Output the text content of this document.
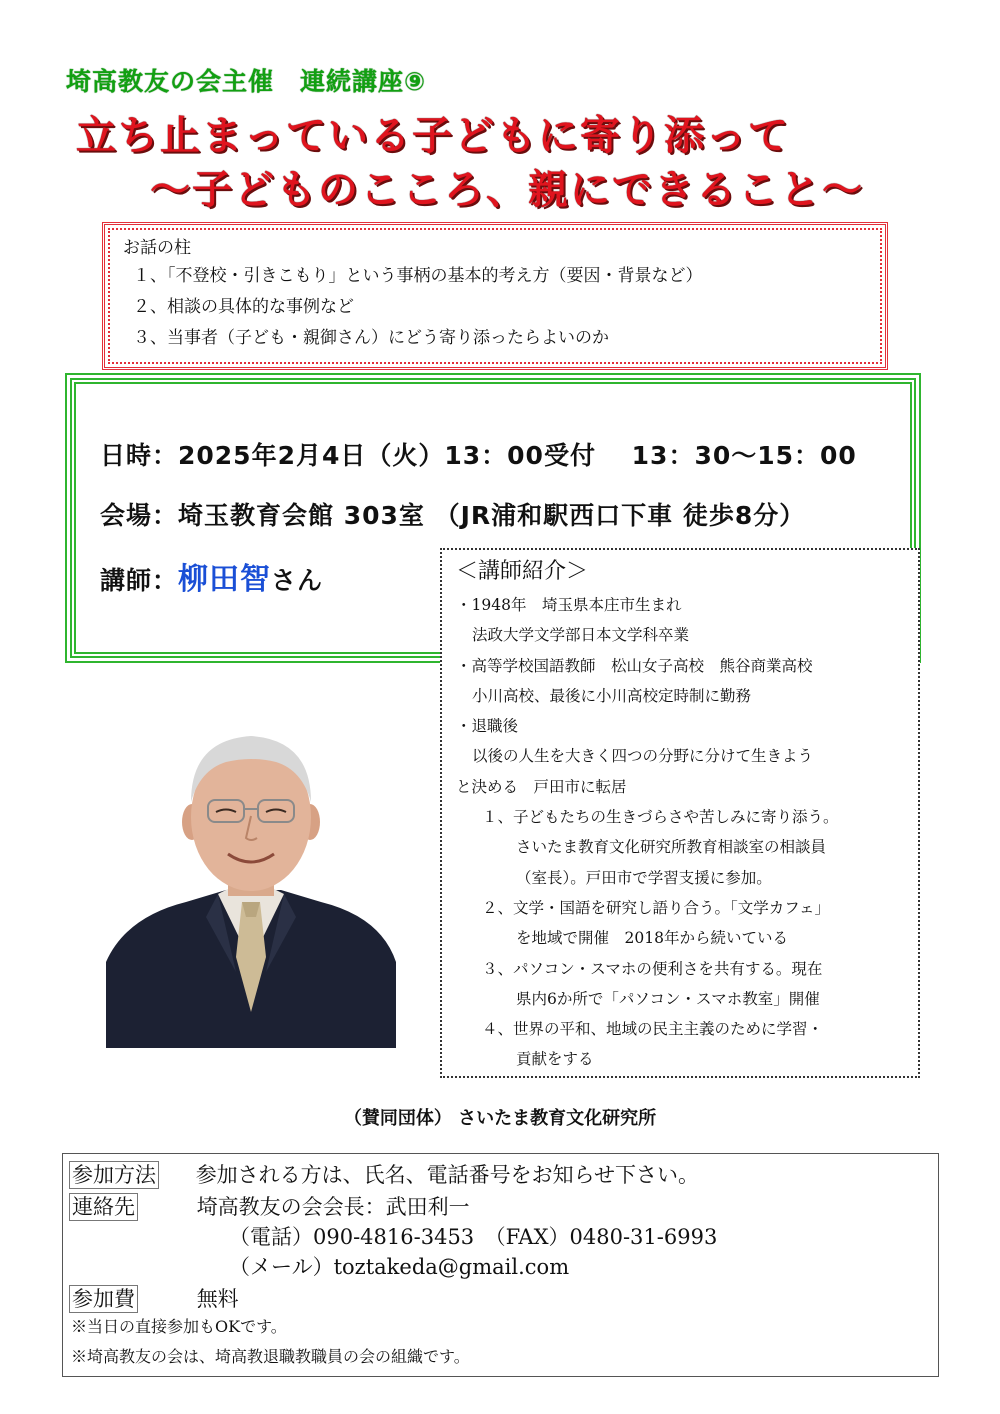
埼高教友の会主催　連続講座⑨
立ち止まっている子どもに寄り添って
〜子どものこころ、親にできること〜
お話の柱
１、「不登校・引きこもり」という事柄の基本的考え方（要因・背景など）
２、相談の具体的な事例など
３、当事者（子ども・親御さん）にどう寄り添ったらよいのか
日時：2025年2月4日（火）13：00受付　 13：30〜15：00
会場：埼玉教育会館 303室 （JR浦和駅西口下車 徒歩8分）
講師：柳田智さん	＜講師紹介＞
・1948年　埼玉県本庄市生まれ
法政大学文学部日本文学科卒業
・高等学校国語教師　松山女子高校　熊谷商業高校
小川高校、最後に小川高校定時制に勤務
・退職後
以後の人生を大きく四つの分野に分けて生きよう
と決める　戸田市に転居
１、子どもたちの生きづらさや苦しみに寄り添う。
さいたま教育文化研究所教育相談室の相談員
（室長）。戸田市で学習支援に参加。
２、文学・国語を研究し語り合う。「文学カフェ」
を地域で開催　2018年から続いている
３、パソコン・スマホの便利さを共有する。現在
県内6か所で「パソコン・スマホ教室」開催
４、世界の平和、地域の民主主義のために学習・
貢献をする
（賛同団体） さいたま教育文化研究所
参加方法 参加される方は、氏名、電話番号をお知らせ下さい。
連絡先	埼高教友の会会長：武田利一
（電話）090-4816-3453　（FAX）0480-31-6993
（メール）toztakeda@gmail.com
参加費	無料
※当日の直接参加もOKです。
※埼高教友の会は、埼高教退職教職員の会の組織です。
